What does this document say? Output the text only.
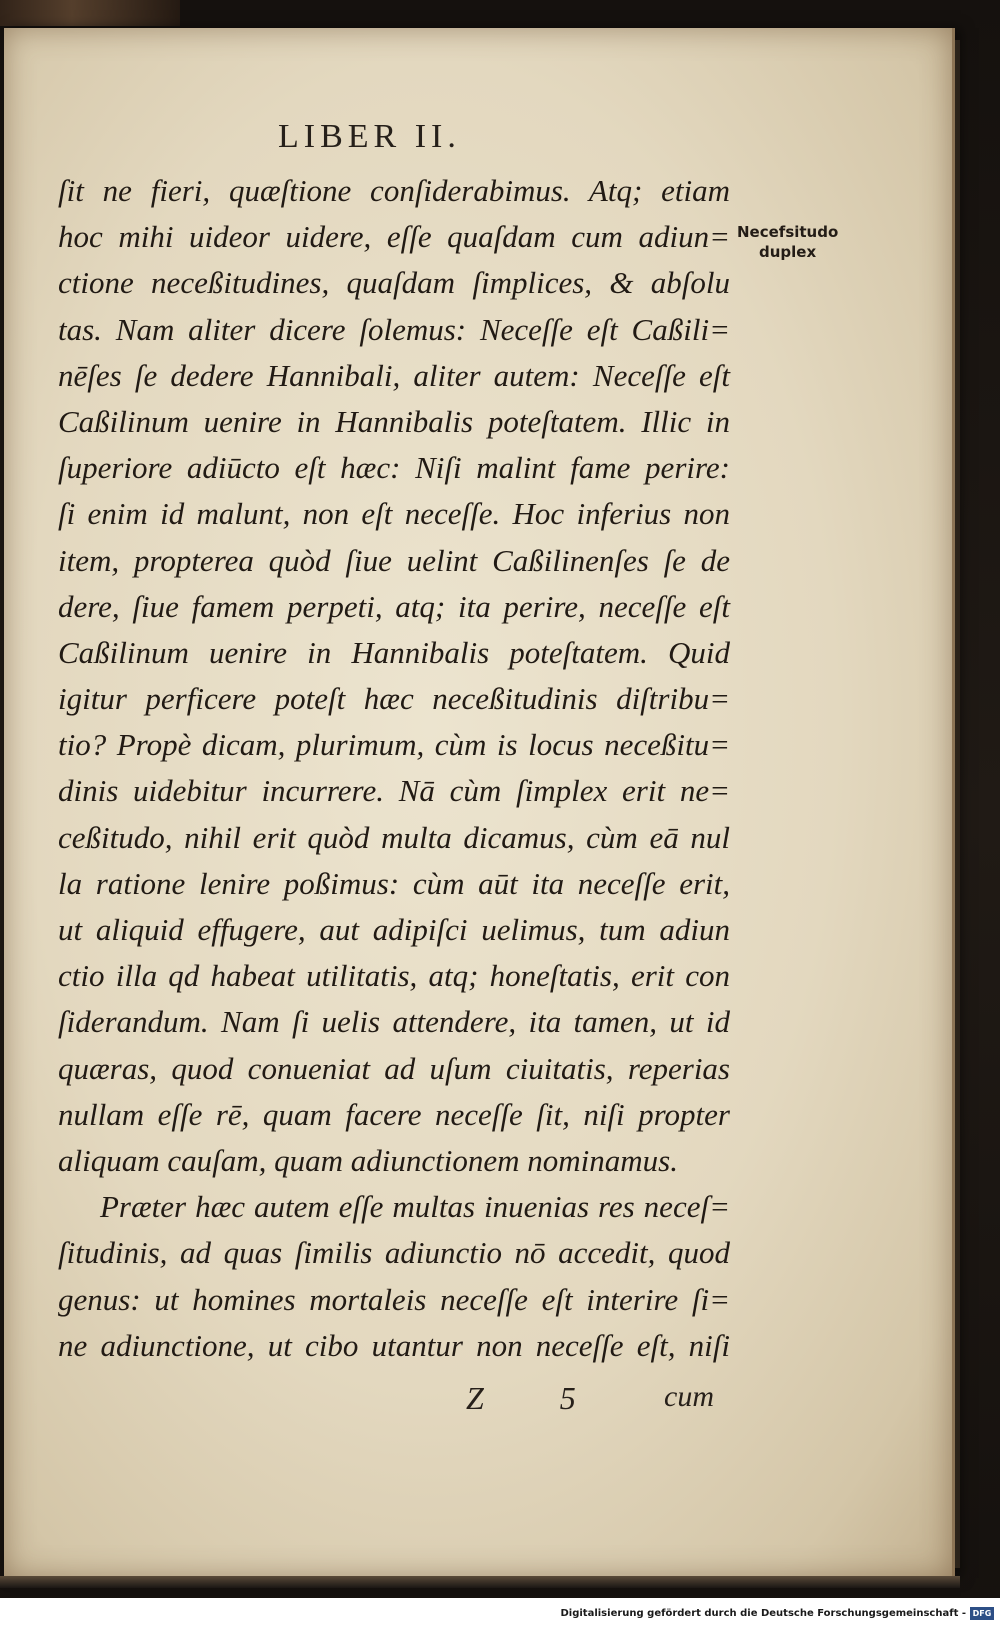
LIBER II.
ſit ne fieri, quæſtione conſiderabimus. Atq; etiam
hoc mihi uideor uidere, eſſe quaſdam cum adiun=
ctione neceßitudines, quaſdam ſimplices, & abſolu
tas. Nam aliter dicere ſolemus: Neceſſe eſt Caßili=
nēſes ſe dedere Hannibali, aliter autem: Neceſſe eſt
Caßilinum uenire in Hannibalis poteſtatem. Illic in
ſuperiore adiūcto eſt hæc: Niſi malint fame perire:
ſi enim id malunt, non eſt neceſſe. Hoc inferius non
item, propterea quòd ſiue uelint Caßilinenſes ſe de
dere, ſiue famem perpeti, atq; ita perire, neceſſe eſt
Caßilinum uenire in Hannibalis poteſtatem. Quid
igitur perficere poteſt hæc neceßitudinis diſtribu=
tio? Propè dicam, plurimum, cùm is locus neceßitu=
dinis uidebitur incurrere. Nā cùm ſimplex erit ne=
ceßitudo, nihil erit quòd multa dicamus, cùm eā nul
la ratione lenire poßimus: cùm aūt ita neceſſe erit,
ut aliquid effugere, aut adipiſci uelimus, tum adiun
ctio illa qd habeat utilitatis, atq; honeſtatis, erit con
ſiderandum. Nam ſi uelis attendere, ita tamen, ut id
quæras, quod conueniat ad uſum ciuitatis, reperias
nullam eſſe rē, quam facere neceſſe ſit, niſi propter
aliquam cauſam, quam adiunctionem nominamus.
Præter hæc autem eſſe multas inuenias res neceſ=
ſitudinis, ad quas ſimilis adiunctio nō accedit, quod
genus: ut homines mortaleis neceſſe eſt interire ſi=
ne adiunctione, ut cibo utantur non neceſſe eſt, niſi
Necefsitudo
duplex
Z 5 cum
Digitalisierung gefördert durch die Deutsche Forschungsgemeinschaft - DFG
